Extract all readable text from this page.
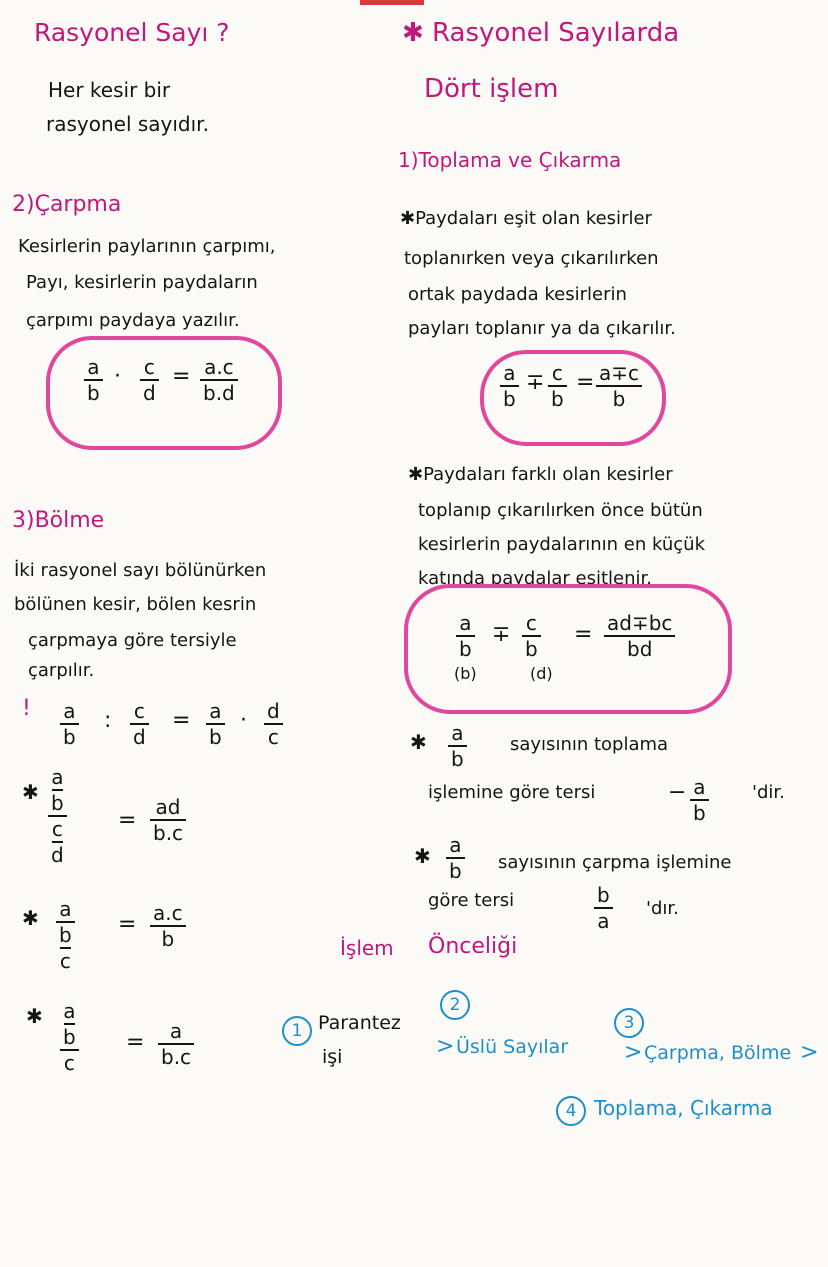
Rasyonel Sayı ?
Her kesir bir
rasyonel sayıdır.
2)Çarpma
Kesirlerin paylarının çarpımı,
Payı, kesirlerin paydaların
çarpımı paydaya yazılır.
a
b
· c
d
= a.c
b.d
3)Bölme
İki rasyonel sayı bölünürken
bölünen kesir, bölen kesrin
çarpmaya göre tersiyle
çarpılır.
! a
b
: c
d
= a
b
· d
c
✱
a
b
c
d
=
ad
b.c
✱ a
b
c
= a.c
b
✱ a
b
c
= a
b.c
✱ Rasyonel Sayılarda
Dört işlem
1)Toplama ve Çıkarma
✱Paydaları eşit olan kesirler
toplanırken veya çıkarılırken
ortak paydada kesirlerin
payları toplanır ya da çıkarılır.
a
b
∓ c
b
= a∓c
b
✱Paydaları farklı olan kesirler
toplanıp çıkarılırken önce bütün
kesirlerin paydalarının en küçük
katında paydalar eşitlenir.
a
b
(b)
∓ c
b
(d)
= ad∓bc
bd
✱ a
b
sayısının toplama
işlemine göre tersi	− a
b
'dir.
✱ a
b sayısının çarpma işlemine
göre tersi	b
a
'dır.
İşlem Önceliği
1 Parantez
işi
2
> Üslü Sayılar
3
> Çarpma, Bölme >
4 Toplama, Çıkarma
